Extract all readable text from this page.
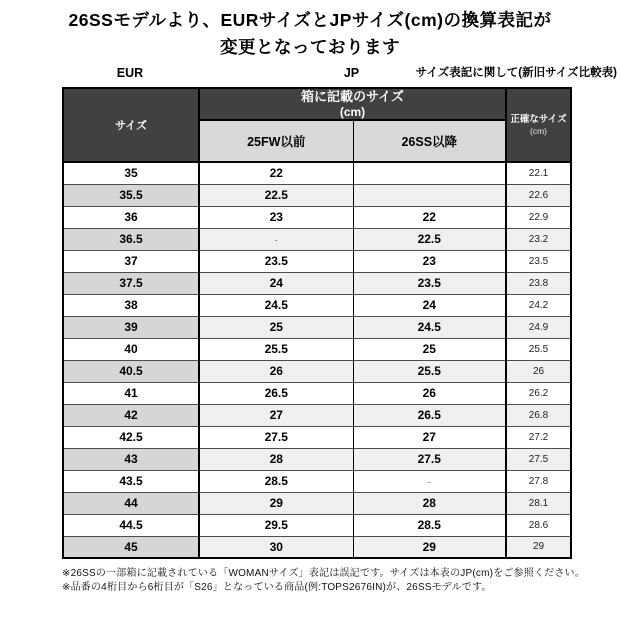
26SSモデルより、EURサイズとJPサイズ(cm)の換算表記が
変更となっております
EUR	JP	サイズ表記に関して(新旧サイズ比較表)
サイズ	箱に記載のサイズ
(cm)		正確なサイズ
(cm)

	25FW以前	26SS以降	
35	22		22.1
35.5	22.5		22.6
36	23	22	22.9
36.5	-	22.5	23.2
37	23.5	23	23.5
37.5	24	23.5	23.8
38	24.5	24	24.2
39	25	24.5	24.9
40	25.5	25	25.5
40.5	26	25.5	26
41	26.5	26	26.2
42	27	26.5	26.8
42.5	27.5	27	27.2
43	28	27.5	27.5
43.5	28.5	-	27.8
44	29	28	28.1
44.5	29.5	28.5	28.6
45	30	29	29
※26SSの一部箱に記載されている「WOMANサイズ」表記は誤記です。サイズは本表のJP(cm)をご参照ください。
※品番の4桁目から6桁目が「S26」となっている商品(例:TOPS2676IN)が、26SSモデルです。
